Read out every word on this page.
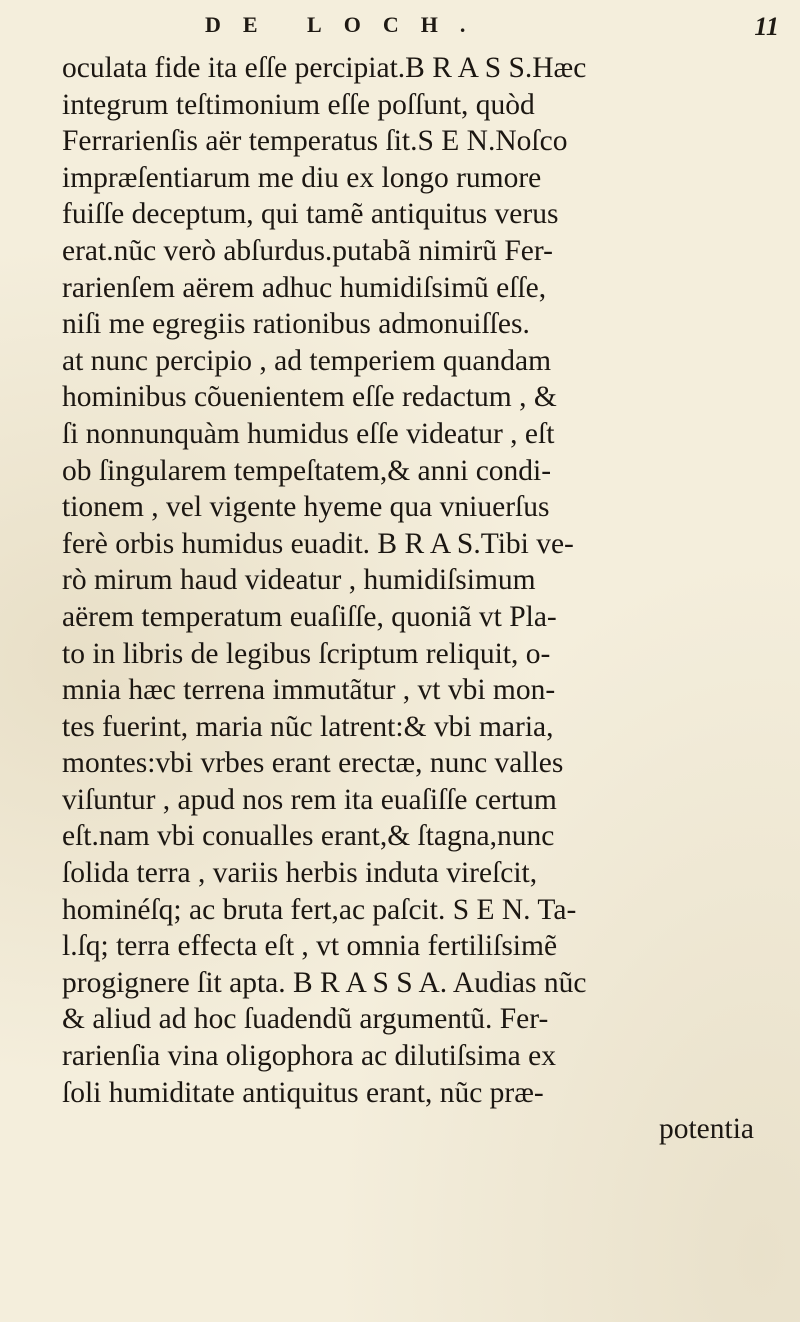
DE LOCH.	11
oculata fide ita eſſe percipiat.B R A S S.Hæc
integrum teſtimonium eſſe poſſunt, quòd
Ferrarienſis aër temperatus ſit.S E N.Noſco
impræſentiarum me diu ex longo rumore
fuiſſe deceptum, qui tamẽ antiquitus verus
erat.nũc verò abſurdus.putabã nimirũ Fer-
rarienſem aërem adhuc humidiſsimũ eſſe,
niſi me egregiis rationibus admonuiſſes.
at nunc percipio , ad temperiem quandam
hominibus cõuenientem eſſe redactum , &
ſi nonnunquàm humidus eſſe videatur , eſt
ob ſingularem tempeſtatem,& anni condi-
tionem , vel vigente hyeme qua vniuerſus
ferè orbis humidus euadit. B R A S.Tibi ve-
rò mirum haud videatur , humidiſsimum
aërem temperatum euaſiſſe, quoniã vt Pla-
to in libris de legibus ſcriptum reliquit, o-
mnia hæc terrena immutãtur , vt vbi mon-
tes fuerint, maria nũc latrent:& vbi maria,
montes:vbi vrbes erant erectæ, nunc valles
viſuntur , apud nos rem ita euaſiſſe certum
eſt.nam vbi conualles erant,& ſtagna,nunc
ſolida terra , variis herbis induta vireſcit,
hominéſq; ac bruta fert,ac paſcit. S E N. Ta-
l.ſq; terra effecta eſt , vt omnia fertiliſsimẽ
progignere ſit apta. B R A S S A. Audias nũc
& aliud ad hoc ſuadendũ argumentũ. Fer-
rarienſia vina oligophora ac dilutiſsima ex
ſoli humiditate antiquitus erant, nũc præ-
potentia
